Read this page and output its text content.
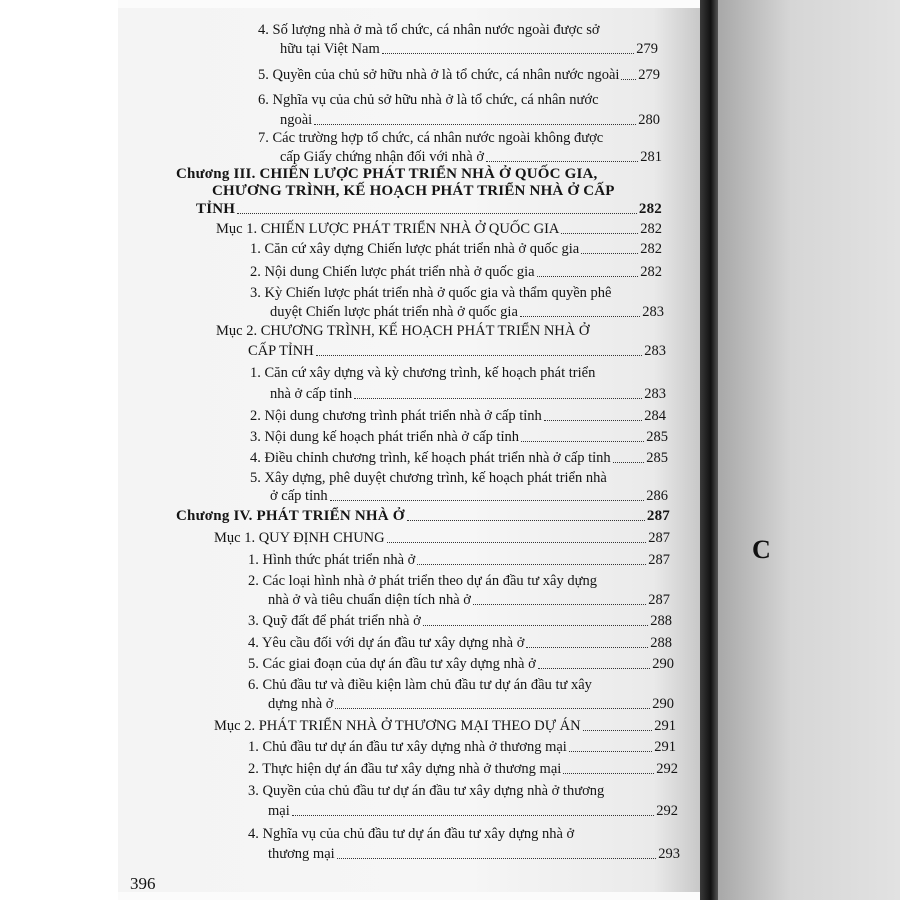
4. Số lượng nhà ở mà tổ chức, cá nhân nước ngoài được sở
hữu tại Việt Nam	279
5. Quyền của chủ sở hữu nhà ở là tổ chức, cá nhân nước ngoài 279
6. Nghĩa vụ của chủ sở hữu nhà ở là tổ chức, cá nhân nước
ngoài	280
7. Các trường hợp tổ chức, cá nhân nước ngoài không được
cấp Giấy chứng nhận đối với nhà ở	281
Chương III. CHIẾN LƯỢC PHÁT TRIỂN NHÀ Ở QUỐC GIA,
CHƯƠNG TRÌNH, KẾ HOẠCH PHÁT TRIỂN NHÀ Ở CẤP
TỈNH	282
Mục 1. CHIẾN LƯỢC PHÁT TRIỂN NHÀ Ở QUỐC GIA	282
1. Căn cứ xây dựng Chiến lược phát triển nhà ở quốc gia	282
2. Nội dung Chiến lược phát triển nhà ở quốc gia	282
3. Kỳ Chiến lược phát triển nhà ở quốc gia và thẩm quyền phê
duyệt Chiến lược phát triển nhà ở quốc gia	283
Mục 2. CHƯƠNG TRÌNH, KẾ HOẠCH PHÁT TRIỂN NHÀ Ở
CẤP TỈNH	283
1. Căn cứ xây dựng và kỳ chương trình, kế hoạch phát triển
nhà ở cấp tỉnh	283
2. Nội dung chương trình phát triển nhà ở cấp tỉnh	284
3. Nội dung kế hoạch phát triển nhà ở cấp tỉnh	285
4. Điều chỉnh chương trình, kế hoạch phát triển nhà ở cấp tỉnh 285
5. Xây dựng, phê duyệt chương trình, kế hoạch phát triển nhà
ở cấp tỉnh	286
Chương IV. PHÁT TRIỂN NHÀ Ở	287
Mục 1. QUY ĐỊNH CHUNG	287
1. Hình thức phát triển nhà ở	287
2. Các loại hình nhà ở phát triển theo dự án đầu tư xây dựng
nhà ở và tiêu chuẩn diện tích nhà ở	287
3. Quỹ đất để phát triển nhà ở	288
4. Yêu cầu đối với dự án đầu tư xây dựng nhà ở	288
5. Các giai đoạn của dự án đầu tư xây dựng nhà ở	290
6. Chủ đầu tư và điều kiện làm chủ đầu tư dự án đầu tư xây
dựng nhà ở	290
Mục 2. PHÁT TRIỂN NHÀ Ở THƯƠNG MẠI THEO DỰ ÁN	291
1. Chủ đầu tư dự án đầu tư xây dựng nhà ở thương mại	291
2. Thực hiện dự án đầu tư xây dựng nhà ở thương mại	292
3. Quyền của chủ đầu tư dự án đầu tư xây dựng nhà ở thương
mại	292
4. Nghĩa vụ của chủ đầu tư dự án đầu tư xây dựng nhà ở
thương mại	293
396
C
